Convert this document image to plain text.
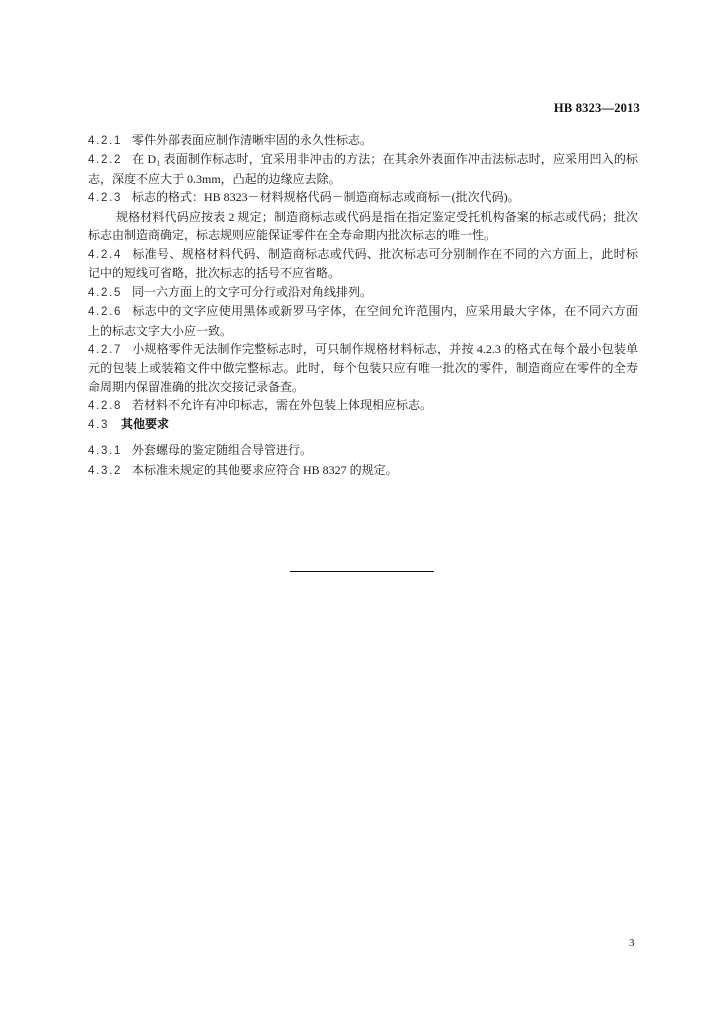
HB 8323—2013
4.2.1 零件外部表面应制作清晰牢固的永久性标志。
4.2.2 在 D₁ 表面制作标志时，宜采用非冲击的方法；在其余外表面作冲击法标志时，应采用凹入的标
志，深度不应大于 0.3mm，凸起的边缘应去除。
4.2.3 标志的格式：HB 8323－材料规格代码－制造商标志或商标－(批次代码)。
规格材料代码应按表 2 规定；制造商标志或代码是指在指定鉴定受托机构备案的标志或代码；批次
标志由制造商确定，标志规则应能保证零件在全寿命期内批次标志的唯一性。
4.2.4 标准号、规格材料代码、制造商标志或代码、批次标志可分别制作在不同的六方面上，此时标
记中的短线可省略，批次标志的括号不应省略。
4.2.5 同一六方面上的文字可分行或沿对角线排列。
4.2.6 标志中的文字应使用黑体或新罗马字体，在空间允许范围内，应采用最大字体，在不同六方面
上的标志文字大小应一致。
4.2.7 小规格零件无法制作完整标志时，可只制作规格材料标志，并按 4.2.3 的格式在每个最小包装单
元的包装上或装箱文件中做完整标志。此时，每个包装只应有唯一批次的零件，制造商应在零件的全寿
命周期内保留准确的批次交接记录备查。
4.2.8 若材料不允许有冲印标志，需在外包装上体现相应标志。
4.3 其他要求
4.3.1 外套螺母的鉴定随组合导管进行。
4.3.2 本标准未规定的其他要求应符合 HB 8327 的规定。
3
